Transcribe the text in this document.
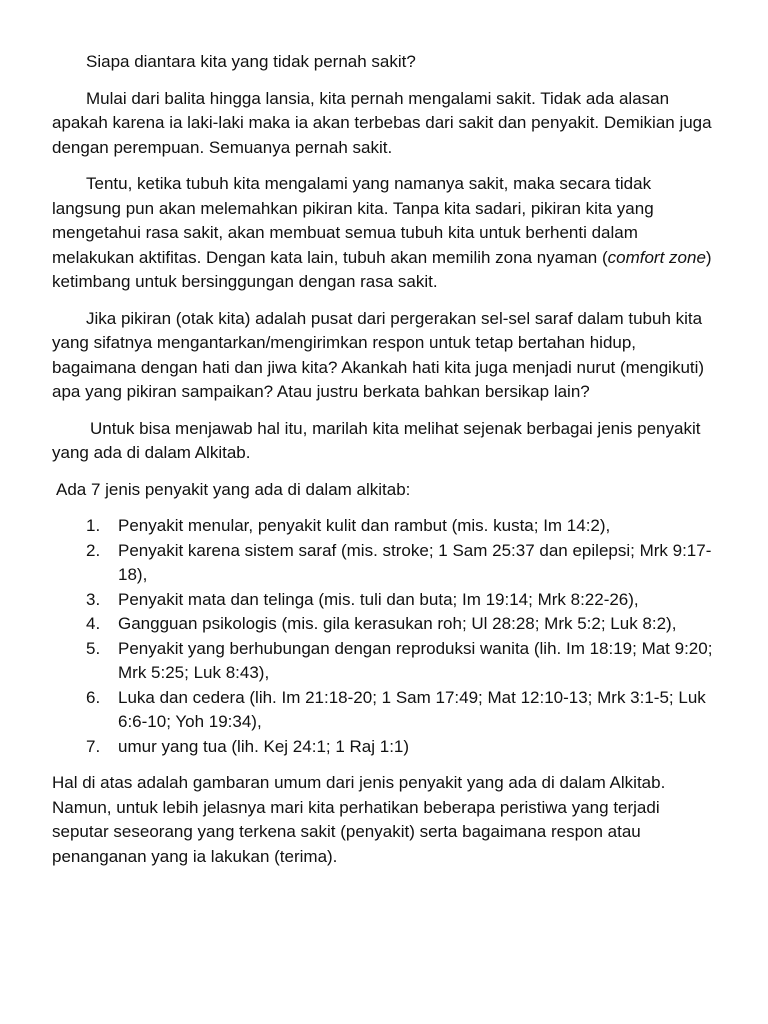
Siapa diantara kita yang tidak pernah sakit?

Mulai dari balita hingga lansia, kita pernah mengalami sakit. Tidak ada alasan apakah karena ia laki-laki maka ia akan terbebas dari sakit dan penyakit. Demikian juga dengan perempuan. Semuanya pernah sakit.

Tentu, ketika tubuh kita mengalami yang namanya sakit, maka secara tidak langsung pun akan melemahkan pikiran kita. Tanpa kita sadari, pikiran kita yang mengetahui rasa sakit, akan membuat semua tubuh kita untuk berhenti dalam melakukan aktifitas. Dengan kata lain, tubuh akan memilih zona nyaman (comfort zone) ketimbang untuk bersinggungan dengan rasa sakit.

Jika pikiran (otak kita) adalah pusat dari pergerakan sel-sel saraf dalam tubuh kita yang sifatnya mengantarkan/mengirimkan respon untuk tetap bertahan hidup, bagaimana dengan hati dan jiwa kita? Akankah hati kita juga menjadi nurut (mengikuti) apa yang pikiran sampaikan? Atau justru berkata bahkan bersikap lain?

Untuk bisa menjawab hal itu, marilah kita melihat sejenak berbagai jenis penyakit yang ada di dalam Alkitab.

Ada 7 jenis penyakit yang ada di dalam alkitab:

1. Penyakit menular, penyakit kulit dan rambut (mis. kusta; Im 14:2),
2. Penyakit karena sistem saraf (mis. stroke; 1 Sam 25:37 dan epilepsi; Mrk 9:17-18),
3. Penyakit mata dan telinga (mis. tuli dan buta; Im 19:14; Mrk 8:22-26),
4. Gangguan psikologis (mis. gila kerasukan roh; Ul 28:28; Mrk 5:2; Luk 8:2),
5. Penyakit yang berhubungan dengan reproduksi wanita (lih. Im 18:19; Mat 9:20; Mrk 5:25; Luk 8:43),
6. Luka dan cedera (lih. Im 21:18-20; 1 Sam 17:49; Mat 12:10-13; Mrk 3:1-5; Luk 6:6-10; Yoh 19:34),
7. umur yang tua (lih. Kej 24:1; 1 Raj 1:1)

Hal di atas adalah gambaran umum dari jenis penyakit yang ada di dalam Alkitab. Namun, untuk lebih jelasnya mari kita perhatikan beberapa peristiwa yang terjadi seputar seseorang yang terkena sakit (penyakit) serta bagaimana respon atau penanganan yang ia lakukan (terima).
